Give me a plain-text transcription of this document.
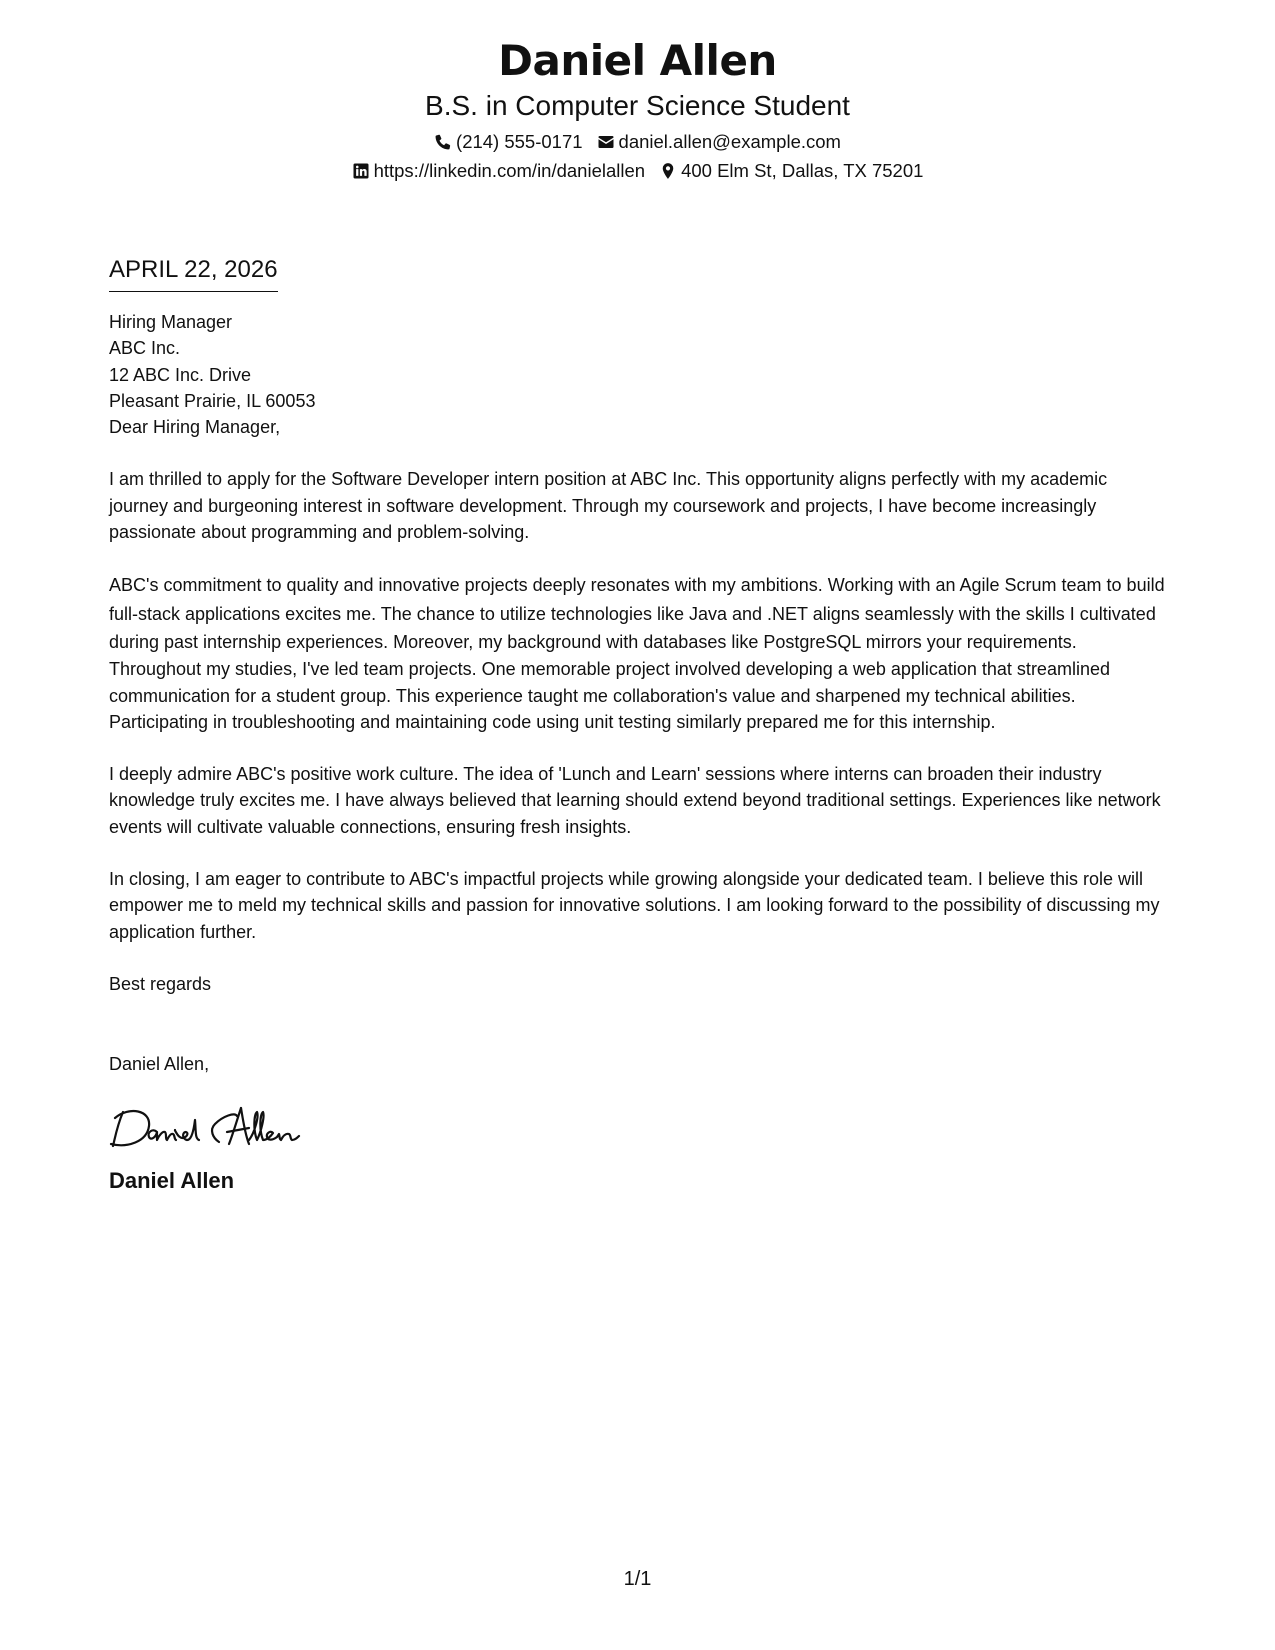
Daniel Allen
B.S. in Computer Science Student
(214) 555-0171 daniel.allen@example.com
https://linkedin.com/in/danielallen 400 Elm St, Dallas, TX 75201
APRIL 22, 2026
Hiring Manager
ABC Inc.
12 ABC Inc. Drive
Pleasant Prairie, IL 60053
Dear Hiring Manager,

I am thrilled to apply for the Software Developer intern position at ABC Inc. This opportunity aligns perfectly with my academic journey and burgeoning interest in software development. Through my coursework and projects, I have become increasingly passionate about programming and problem-solving.

ABC's commitment to quality and innovative projects deeply resonates with my ambitions. Working with an Agile Scrum team to build full-stack applications excites me. The chance to utilize technologies like Java and .NET aligns seamlessly with the skills I cultivated during past internship experiences. Moreover, my background with databases like PostgreSQL mirrors your requirements.

Throughout my studies, I've led team projects. One memorable project involved developing a web application that streamlined communication for a student group. This experience taught me collaboration's value and sharpened my technical abilities. Participating in troubleshooting and maintaining code using unit testing similarly prepared me for this internship.

I deeply admire ABC's positive work culture. The idea of 'Lunch and Learn' sessions where interns can broaden their industry knowledge truly excites me. I have always believed that learning should extend beyond traditional settings. Experiences like network events will cultivate valuable connections, ensuring fresh insights.

In closing, I am eager to contribute to ABC's impactful projects while growing alongside your dedicated team. I believe this role will empower me to meld my technical skills and passion for innovative solutions. I am looking forward to the possibility of discussing my application further.

Best regards
Daniel Allen,
Daniel Allen
1/1
